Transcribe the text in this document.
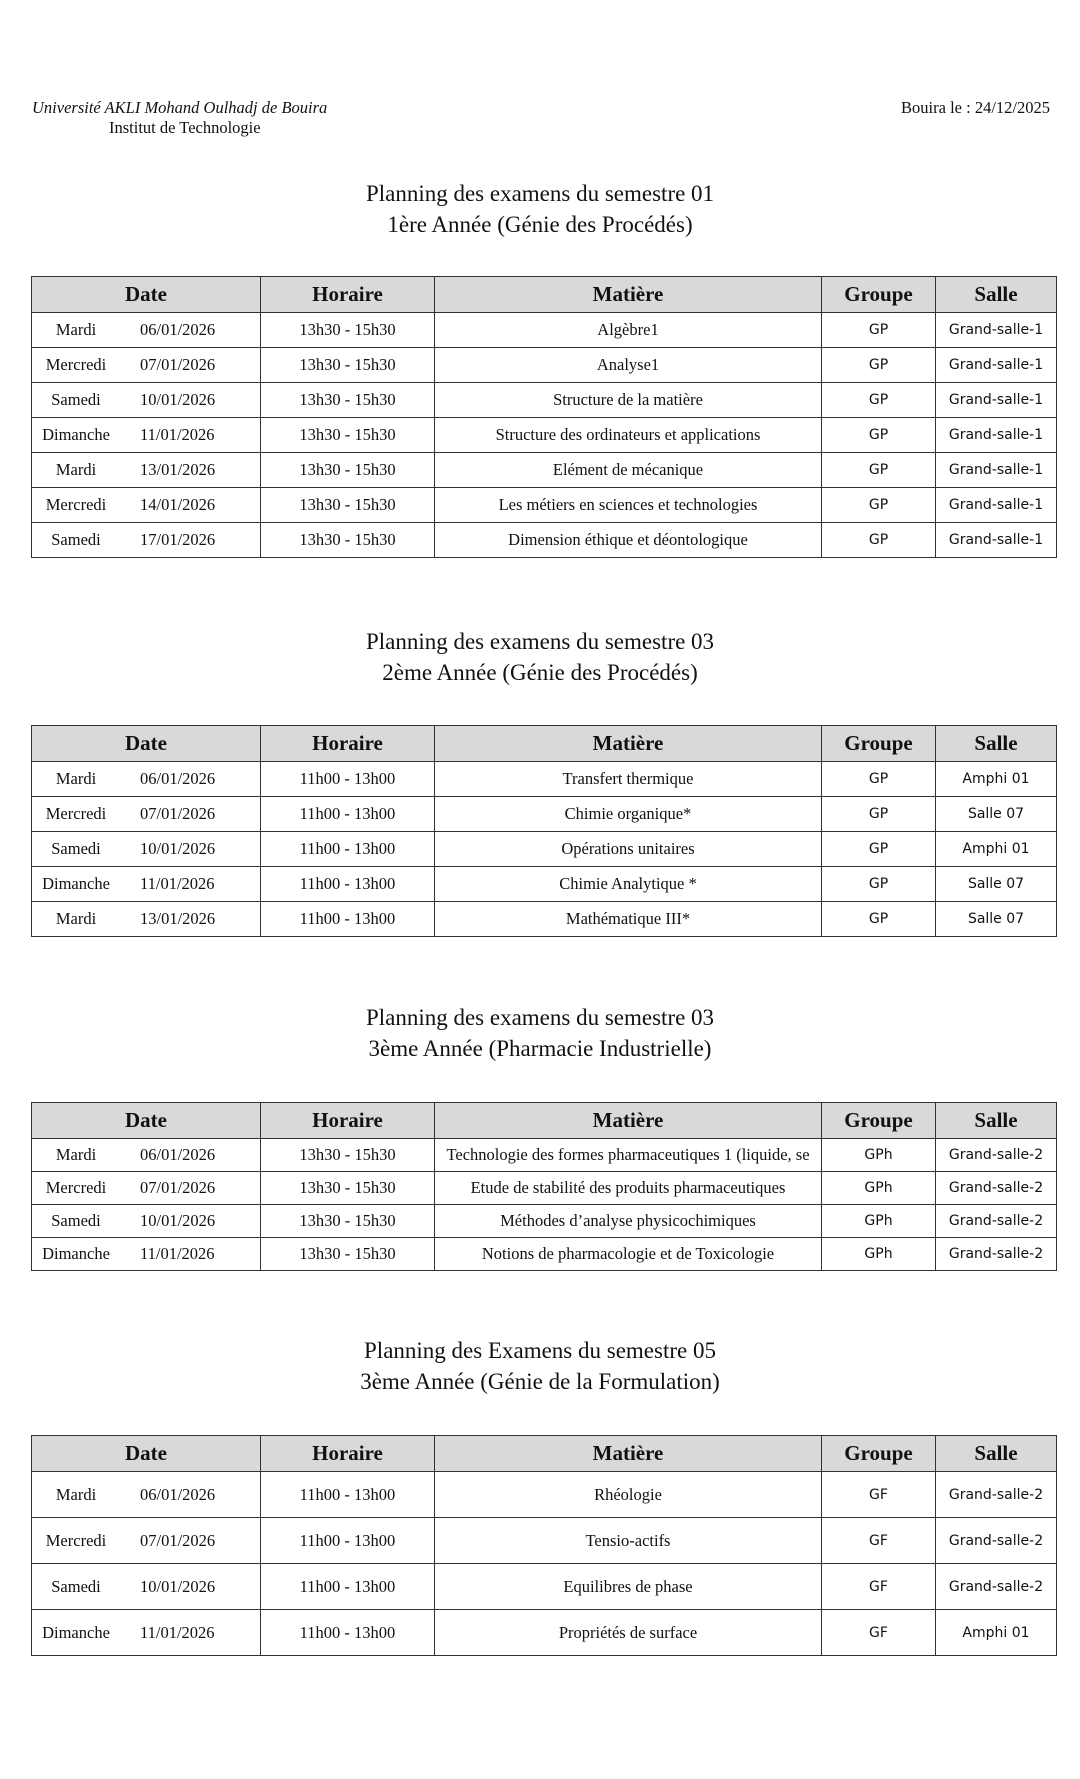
Université AKLI Mohand Oulhadj de Bouira
Institut de Technologie
Bouira le : 24/12/2025
Planning des examens du semestre 01
1ère Année (Génie des Procédés)
Date	Horaire	Matière	Groupe	Salle

Mardi 06/01/2026	13h30 - 15h30	Algèbre1	GP	Grand-salle-1

Mercredi 07/01/2026	13h30 - 15h30	Analyse1	GP	Grand-salle-1

Samedi 10/01/2026	13h30 - 15h30	Structure de la matière	GP	Grand-salle-1

Dimanche 11/01/2026	13h30 - 15h30	Structure des ordinateurs et applications	GP	Grand-salle-1

Mardi 13/01/2026	13h30 - 15h30	Elément de mécanique	GP	Grand-salle-1

Mercredi 14/01/2026	13h30 - 15h30	Les métiers en sciences et technologies	GP	Grand-salle-1

Samedi 17/01/2026	13h30 - 15h30	Dimension éthique et déontologique	GP	Grand-salle-1
Planning des examens du semestre 03
2ème Année (Génie des Procédés)
Date	Horaire	Matière	Groupe	Salle

Mardi 06/01/2026	11h00 - 13h00	Transfert thermique	GP	Amphi 01

Mercredi 07/01/2026	11h00 - 13h00	Chimie organique*	GP	Salle 07

Samedi 10/01/2026	11h00 - 13h00	Opérations unitaires	GP	Amphi 01

Dimanche 11/01/2026	11h00 - 13h00	Chimie Analytique *	GP	Salle 07

Mardi 13/01/2026	11h00 - 13h00	Mathématique III*	GP	Salle 07
Planning des examens du semestre 03
3ème Année (Pharmacie Industrielle)
Date	Horaire	Matière	Groupe	Salle

Mardi 06/01/2026	13h30 - 15h30	Technologie des formes pharmaceutiques 1 (liquide, se	GPh	Grand-salle-2

Mercredi 07/01/2026	13h30 - 15h30	Etude de stabilité des produits pharmaceutiques	GPh	Grand-salle-2

Samedi 10/01/2026	13h30 - 15h30	Méthodes d’analyse physicochimiques	GPh	Grand-salle-2

Dimanche 11/01/2026	13h30 - 15h30	Notions de pharmacologie et de Toxicologie	GPh	Grand-salle-2
Planning des Examens du semestre 05
3ème Année (Génie de la Formulation)
Date	Horaire	Matière	Groupe	Salle

Mardi 06/01/2026	11h00 - 13h00	Rhéologie	GF	Grand-salle-2

Mercredi 07/01/2026	11h00 - 13h00	Tensio-actifs	GF	Grand-salle-2

Samedi 10/01/2026	11h00 - 13h00	Equilibres de phase	GF	Grand-salle-2

Dimanche 11/01/2026	11h00 - 13h00	Propriétés de surface	GF	Amphi 01
